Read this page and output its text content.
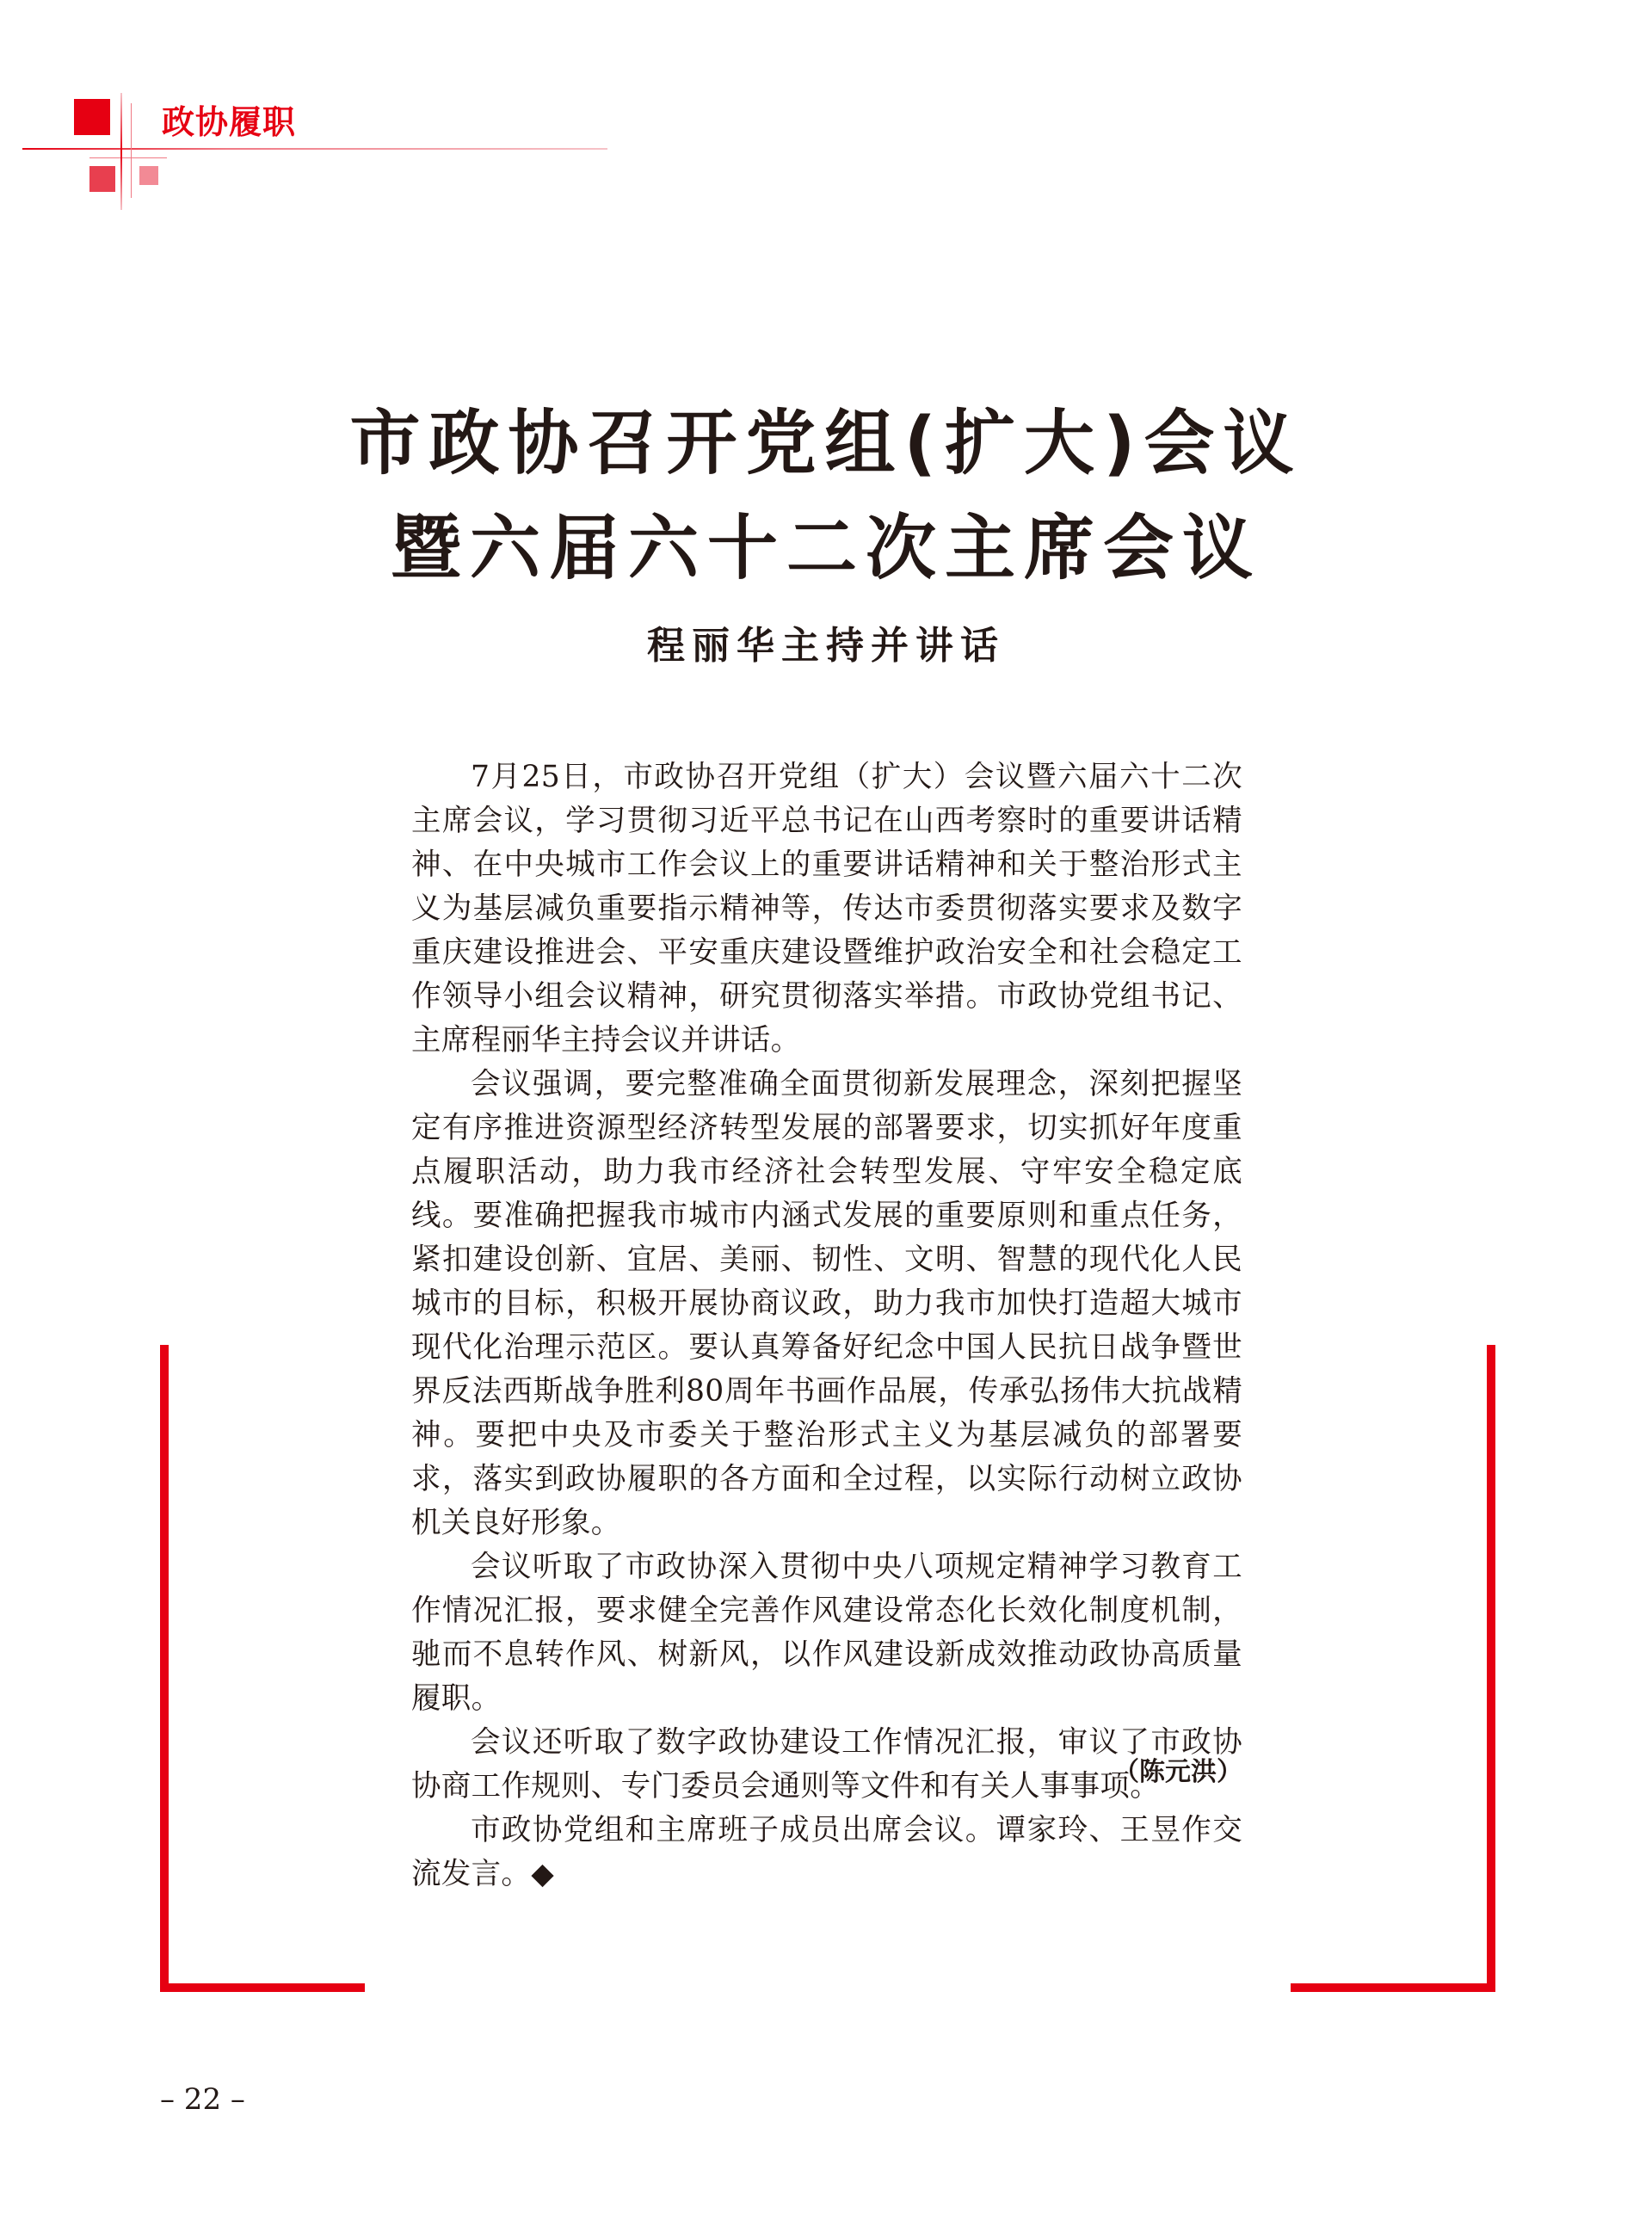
政协履职
市政协召开党组(扩大)会议
暨六届六十二次主席会议
程丽华主持并讲话

7月25日，市政协召开党组（扩大）会议暨六届六十二次主席会议，学习贯彻习近平总书记在山西考察时的重要讲话精神、在中央城市工作会议上的重要讲话精神和关于整治形式主义为基层减负重要指示精神等，传达市委贯彻落实要求及数字重庆建设推进会、平安重庆建设暨维护政治安全和社会稳定工作领导小组会议精神，研究贯彻落实举措。市政协党组书记、主席程丽华主持会议并讲话。

会议强调，要完整准确全面贯彻新发展理念，深刻把握坚定有序推进资源型经济转型发展的部署要求，切实抓好年度重点履职活动，助力我市经济社会转型发展、守牢安全稳定底线。要准确把握我市城市内涵式发展的重要原则和重点任务，紧扣建设创新、宜居、美丽、韧性、文明、智慧的现代化人民城市的目标，积极开展协商议政，助力我市加快打造超大城市现代化治理示范区。要认真筹备好纪念中国人民抗日战争暨世界反法西斯战争胜利80周年书画作品展，传承弘扬伟大抗战精神。要把中央及市委关于整治形式主义为基层减负的部署要求，落实到政协履职的各方面和全过程，以实际行动树立政协机关良好形象。

会议听取了市政协深入贯彻中央八项规定精神学习教育工作情况汇报，要求健全完善作风建设常态化长效化制度机制，驰而不息转作风、树新风，以作风建设新成效推动政协高质量履职。

会议还听取了数字政协建设工作情况汇报，审议了市政协协商工作规则、专门委员会通则等文件和有关人事事项。

市政协党组和主席班子成员出席会议。谭家玲、王昱作交流发言。◆

（陈元洪）
– 22 –
